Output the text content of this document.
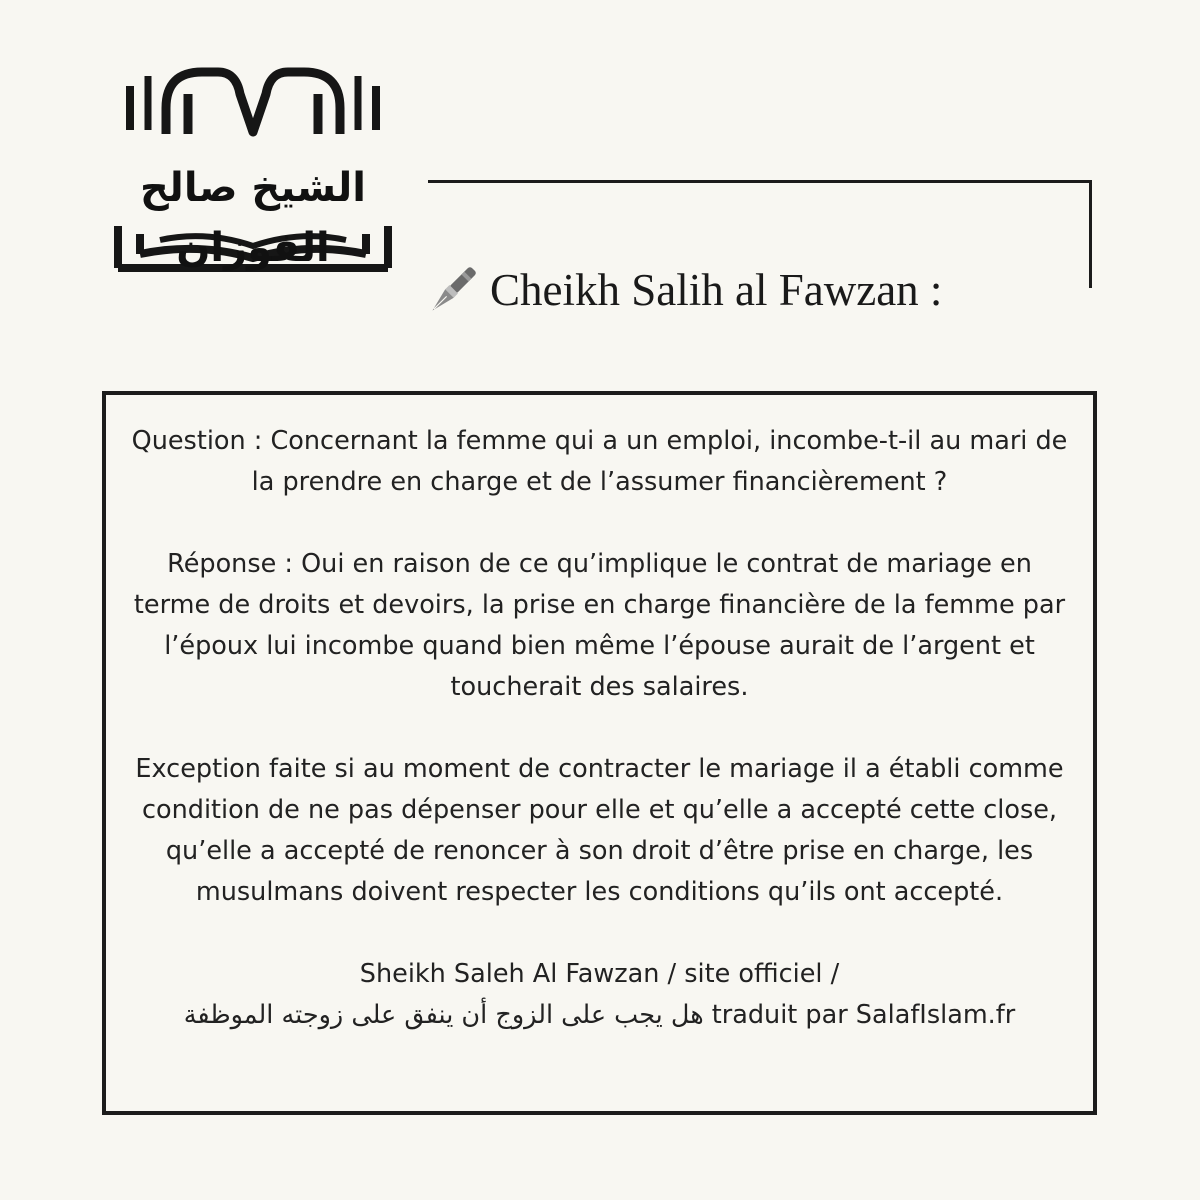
الشيخ صالح الفوزان
Cheikh Salih al Fawzan :

Question : Concernant la femme qui a un emploi, incombe-t-il au mari de la prendre en charge et de l’assumer financièrement ?

Réponse : Oui en raison de ce qu’implique le contrat de mariage en terme de droits et devoirs, la prise en charge financière de la femme par l’époux lui incombe quand bien même l’épouse aurait de l’argent et toucherait des salaires.

Exception faite si au moment de contracter le mariage il a établi comme condition de ne pas dépenser pour elle et qu’elle a accepté cette close, qu’elle a accepté de renoncer à son droit d’être prise en charge, les musulmans doivent respecter les conditions qu’ils ont accepté.

Sheikh Saleh Al Fawzan / site officiel / هل يجب على الزوج أن ينفق على زوجته الموظفة traduit par SalafIslam.fr
